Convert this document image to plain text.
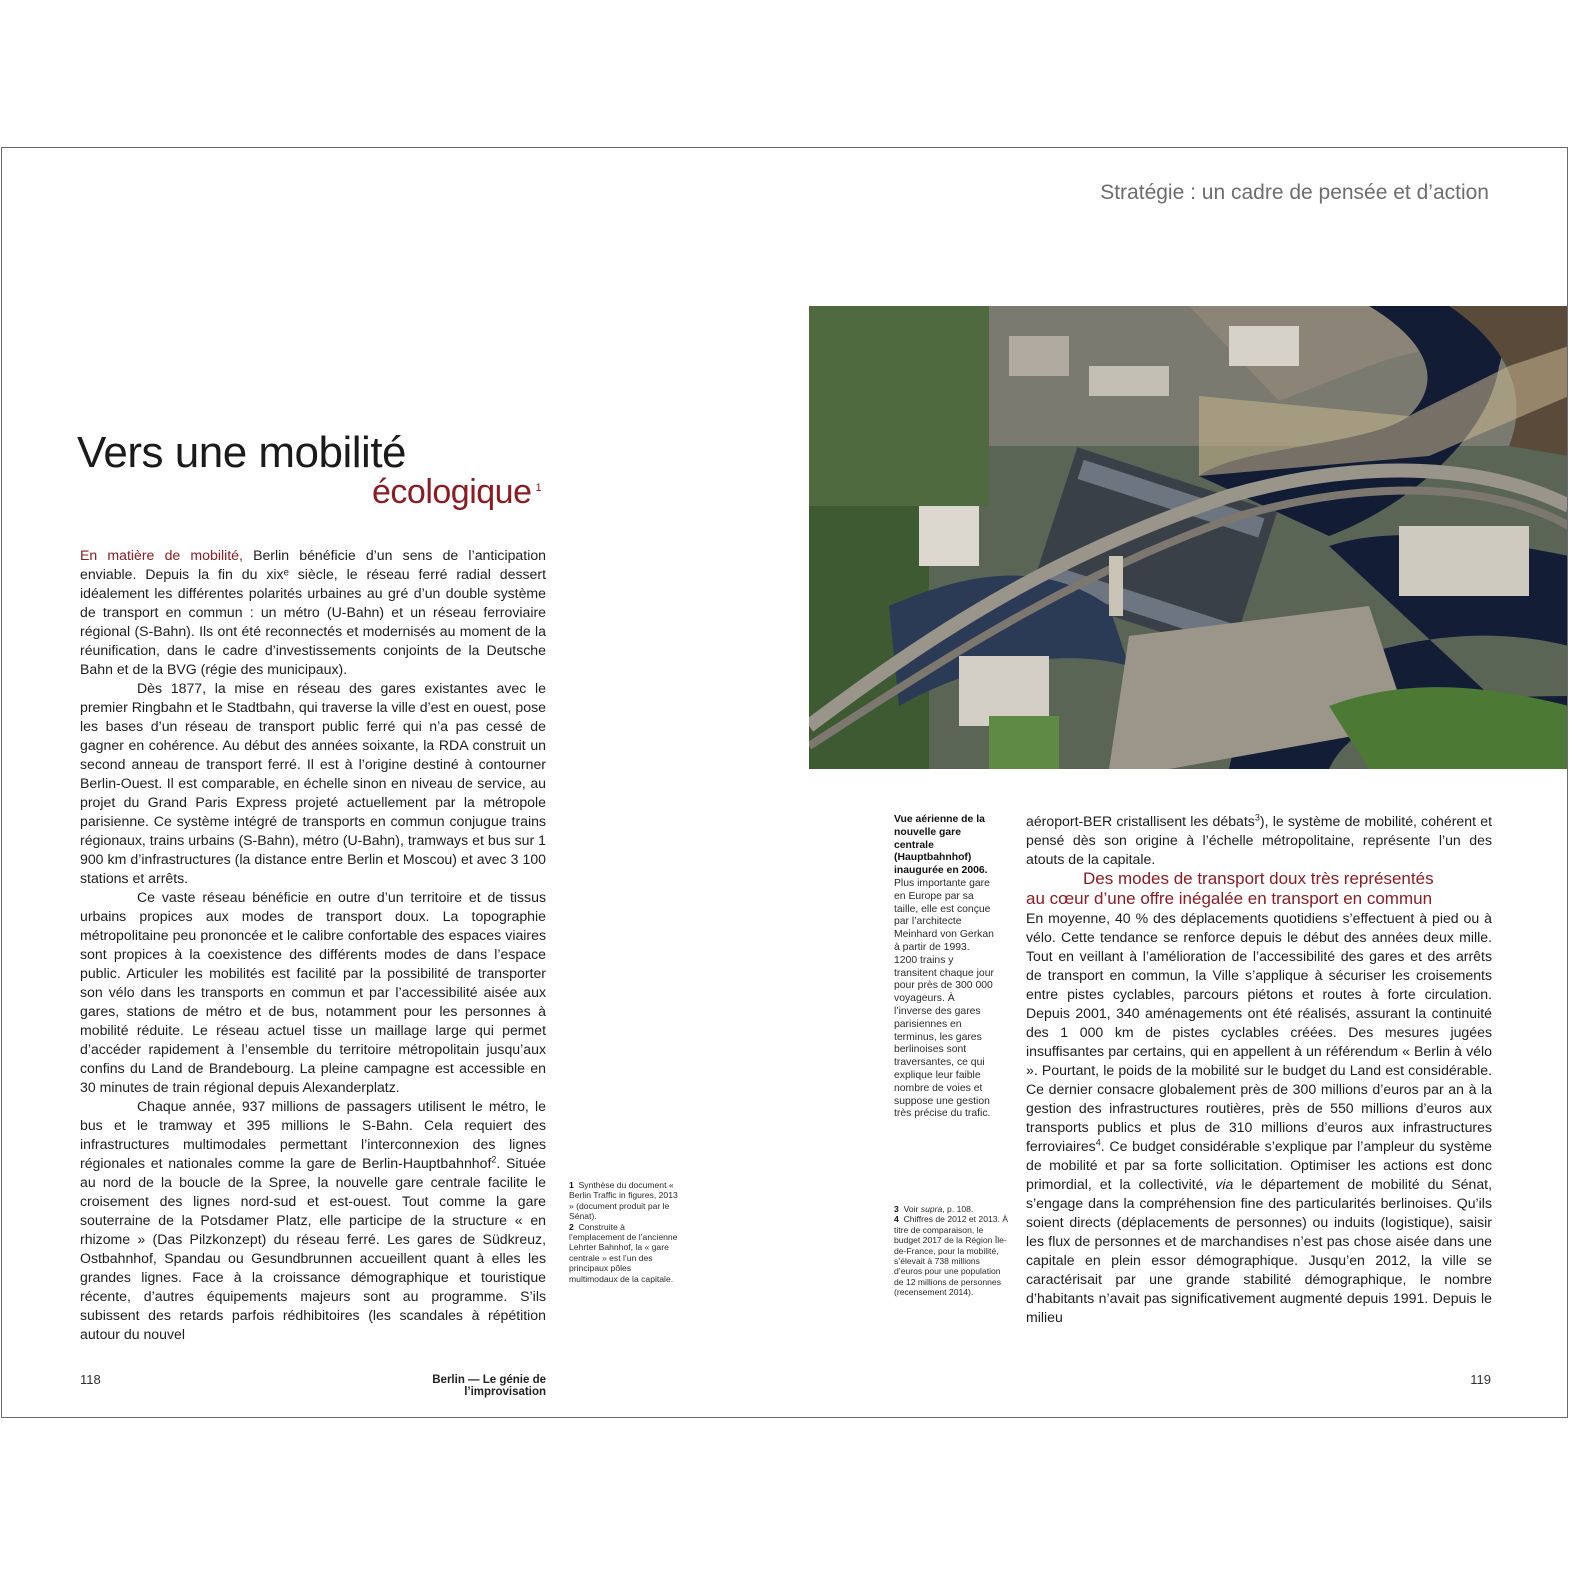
Stratégie : un cadre de pensée et d’action
Vers une mobilité
écologique $^1$

En matière de mobilité, Berlin bénéficie d’un sens de l’anticipation enviable. Depuis la fin du xixᵉ siècle, le réseau ferré radial dessert idéalement les différentes polarités urbaines au gré d’un double système de transport en commun : un métro (U-Bahn) et un réseau ferroviaire régional (S-Bahn). Ils ont été reconnectés et modernisés au moment de la réunification, dans le cadre d’investissements conjoints de la Deutsche Bahn et de la BVG (régie des municipaux).

Dès 1877, la mise en réseau des gares existantes avec le premier Ringbahn et le Stadtbahn, qui traverse la ville d’est en ouest, pose les bases d’un réseau de transport public ferré qui n’a pas cessé de gagner en cohérence. Au début des années soixante, la RDA construit un second anneau de transport ferré. Il est à l’origine destiné à contourner Berlin-Ouest. Il est comparable, en échelle sinon en niveau de service, au projet du Grand Paris Express projeté actuellement par la métropole parisienne. Ce système intégré de transports en commun conjugue trains régionaux, trains urbains (S-Bahn), métro (U-Bahn), tramways et bus sur 1 900 km d’infrastructures (la distance entre Berlin et Moscou) et avec 3 100 stations et arrêts.

Ce vaste réseau bénéficie en outre d’un territoire et de tissus urbains propices aux modes de transport doux. La topographie métropolitaine peu prononcée et le calibre confortable des espaces viaires sont propices à la coexistence des différents modes de dans l’espace public. Articuler les mobilités est facilité par la possibilité de transporter son vélo dans les transports en commun et par l’accessibilité aisée aux gares, stations de métro et de bus, notamment pour les personnes à mobilité réduite. Le réseau actuel tisse un maillage large qui permet d’accéder rapidement à l’ensemble du territoire métropolitain jusqu’aux confins du Land de Brandebourg. La pleine campagne est accessible en 30 minutes de train régional depuis Alexanderplatz.

Chaque année, 937 millions de passagers utilisent le métro, le bus et le tramway et 395 millions le S-Bahn. Cela requiert des infrastructures multimodales permettant l’interconnexion des lignes régionales et nationales comme la gare de Berlin-Hauptbahnhof$^2$. Située au nord de la boucle de la Spree, la nouvelle gare centrale facilite le croisement des lignes nord-sud et est-ouest. Tout comme la gare souterraine de la Potsdamer Platz, elle participe de la structure « en rhizome » (Das Pilzkonzept) du réseau ferré. Les gares de Südkreuz, Ostbahnhof, Spandau ou Gesundbrunnen accueillent quant à elles les grandes lignes. Face à la croissance démographique et touristique récente, d’autres équipements majeurs sont au programme. S’ils subissent des retards parfois rédhibitoires (les scandales à répétition autour du nouvel

1 Synthèse du document « Berlin Traffic in figures, 2013 » (document produit par le Sénat).
2 Construite à l’emplacement de l’ancienne Lehrter Bahnhof, la « gare centrale » est l’un des principaux pôles multimodaux de la capitale.
Vue aérienne de la nouvelle gare centrale (Hauptbahnhof) inaugurée en 2006. Plus importante gare en Europe par sa taille, elle est conçue par l’architecte Meinhard von Gerkan à partir de 1993. 1200 trains y transitent chaque jour pour près de 300 000 voyageurs. À l’inverse des gares parisiennes en terminus, les gares berlinoises sont traversantes, ce qui explique leur faible nombre de voies et suppose une gestion très précise du trafic.
3 Voir supra, p. 108.
4 Chiffres de 2012 et 2013. À titre de comparaison, le budget 2017 de la Région Île-de-France, pour la mobilité, s’élevait à 738 millions d’euros pour une population de 12 millions de personnes (recensement 2014).

aéroport-BER cristallisent les débats$^3$), le système de mobilité, cohérent et pensé dès son origine à l’échelle métropolitaine, représente l’un des atouts de la capitale.

Des modes de transport doux très représentés
au cœur d’une offre inégalée en transport en commun

En moyenne, 40 % des déplacements quotidiens s’effectuent à pied ou à vélo. Cette tendance se renforce depuis le début des années deux mille. Tout en veillant à l’amélioration de l’accessibilité des gares et des arrêts de transport en commun, la Ville s’applique à sécuriser les croisements entre pistes cyclables, parcours piétons et routes à forte circulation. Depuis 2001, 340 aménagements ont été réalisés, assurant la continuité des 1 000 km de pistes cyclables créées. Des mesures jugées insuffisantes par certains, qui en appellent à un référendum « Berlin à vélo ». Pourtant, le poids de la mobilité sur le budget du Land est considérable. Ce dernier consacre globalement près de 300 millions d’euros par an à la gestion des infrastructures routières, près de 550 millions d’euros aux transports publics et plus de 310 millions d’euros aux infrastructures ferroviaires$^4$. Ce budget considérable s’explique par l’ampleur du système de mobilité et par sa forte sollicitation. Optimiser les actions est donc primordial, et la collectivité, via le département de mobilité du Sénat, s’engage dans la compréhension fine des particularités berlinoises. Qu’ils soient directs (déplacements de personnes) ou induits (logistique), saisir les flux de personnes et de marchandises n’est pas chose aisée dans une capitale en plein essor démographique. Jusqu’en 2012, la ville se caractérisait par une grande stabilité démographique, le nombre d’habitants n’avait pas significativement augmenté depuis 1991. Depuis le milieu

118	Berlin — Le génie de l’improvisation
119
